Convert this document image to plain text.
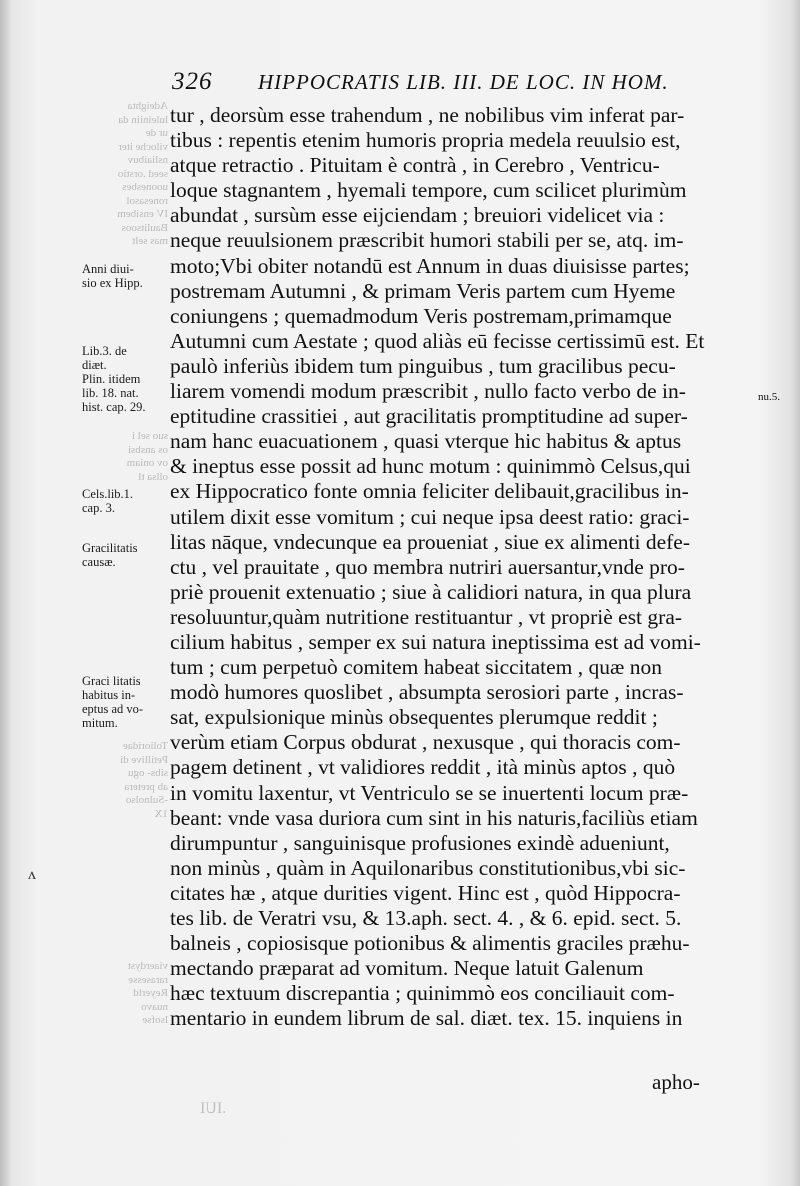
326 HIPPOCRATIS LIB. III. DE LOC. IN HOM.
Adeighta
luleiniin da
ur de
viloche iter
nsliaibuv
seed .orstio
uoonesbes
ronesasol
IV ensibem
Baulitsoos
mas selt
suo sel i
os ansbsi
ov oniam
ollsa tl
Tolioridae
Petillive di
sibs- ogu
ab pretera
-Sulnolso
1X
viaerdyst
rarasesse
Reyerld
nuavo
lsofse
.IUI
ʌ
Anni diui-
sio ex Hipp.
Lib.3. de
diæt.
Plin. itidem
lib. 18. nat.
hist. cap. 29.
Cels.lib.1.
cap. 3.
Gracilitatis
causæ.
Graci litatis
habitus in-
eptus ad vo-
mitum.
nu.5.
tur , deorsùm esse trahendum , ne nobilibus vim inferat par-
tibus : repentis etenim humoris propria medela reuulsio est,
atque retractio . Pituitam è contrà , in Cerebro , Ventricu-
loque stagnantem , hyemali tempore, cum scilicet plurimùm
abundat , sursùm esse eijciendam ; breuiori videlicet via :
neque reuulsionem præscribit humori stabili per se, atq. im-
moto;Vbi obiter notandū est Annum in duas diuisisse partes;
postremam Autumni , & primam Veris partem cum Hyeme
coniungens ; quemadmodum Veris postremam,primamque
Autumni cum Aestate ; quod aliàs eū fecisse certissimū est. Et
paulò inferiùs ibidem tum pinguibus , tum gracilibus pecu-
liarem vomendi modum præscribit , nullo facto verbo de in-
eptitudine crassitiei , aut gracilitatis promptitudine ad super-
nam hanc euacuationem , quasi vterque hic habitus & aptus
& ineptus esse possit ad hunc motum : quinimmò Celsus,qui
ex Hippocratico fonte omnia feliciter delibauit,gracilibus in-
utilem dixit esse vomitum ; cui neque ipsa deest ratio: graci-
litas nāque, vndecunque ea proueniat , siue ex alimenti defe-
ctu , vel prauitate , quo membra nutriri auersantur,vnde pro-
priè prouenit extenuatio ; siue à calidiori natura, in qua plura
resoluuntur,quàm nutritione restituantur , vt propriè est gra-
cilium habitus , semper ex sui natura ineptissima est ad vomi-
tum ; cum perpetuò comitem habeat siccitatem , quæ non
modò humores quoslibet , absumpta serosiori parte , incras-
sat, expulsionique minùs obsequentes plerumque reddit ;
verùm etiam Corpus obdurat , nexusque , qui thoracis com-
pagem detinent , vt validiores reddit , ità minùs aptos , quò
in vomitu laxentur, vt Ventriculo se se inuertenti locum præ-
beant: vnde vasa duriora cum sint in his naturis,faciliùs etiam
dirumpuntur , sanguinisque profusiones exindè adueniunt,
non minùs , quàm in Aquilonaribus constitutionibus,vbi sic-
citates hæ , atque durities vigent. Hinc est , quòd Hippocra-
tes lib. de Veratri vsu, & 13.aph. sect. 4. , & 6. epid. sect. 5.
balneis , copiosisque potionibus & alimentis graciles præhu-
mectando præparat ad vomitum. Neque latuit Galenum
hæc textuum discrepantia ; quinimmò eos conciliauit com-
mentario in eundem librum de sal. diæt. tex. 15. inquiens in
apho-
